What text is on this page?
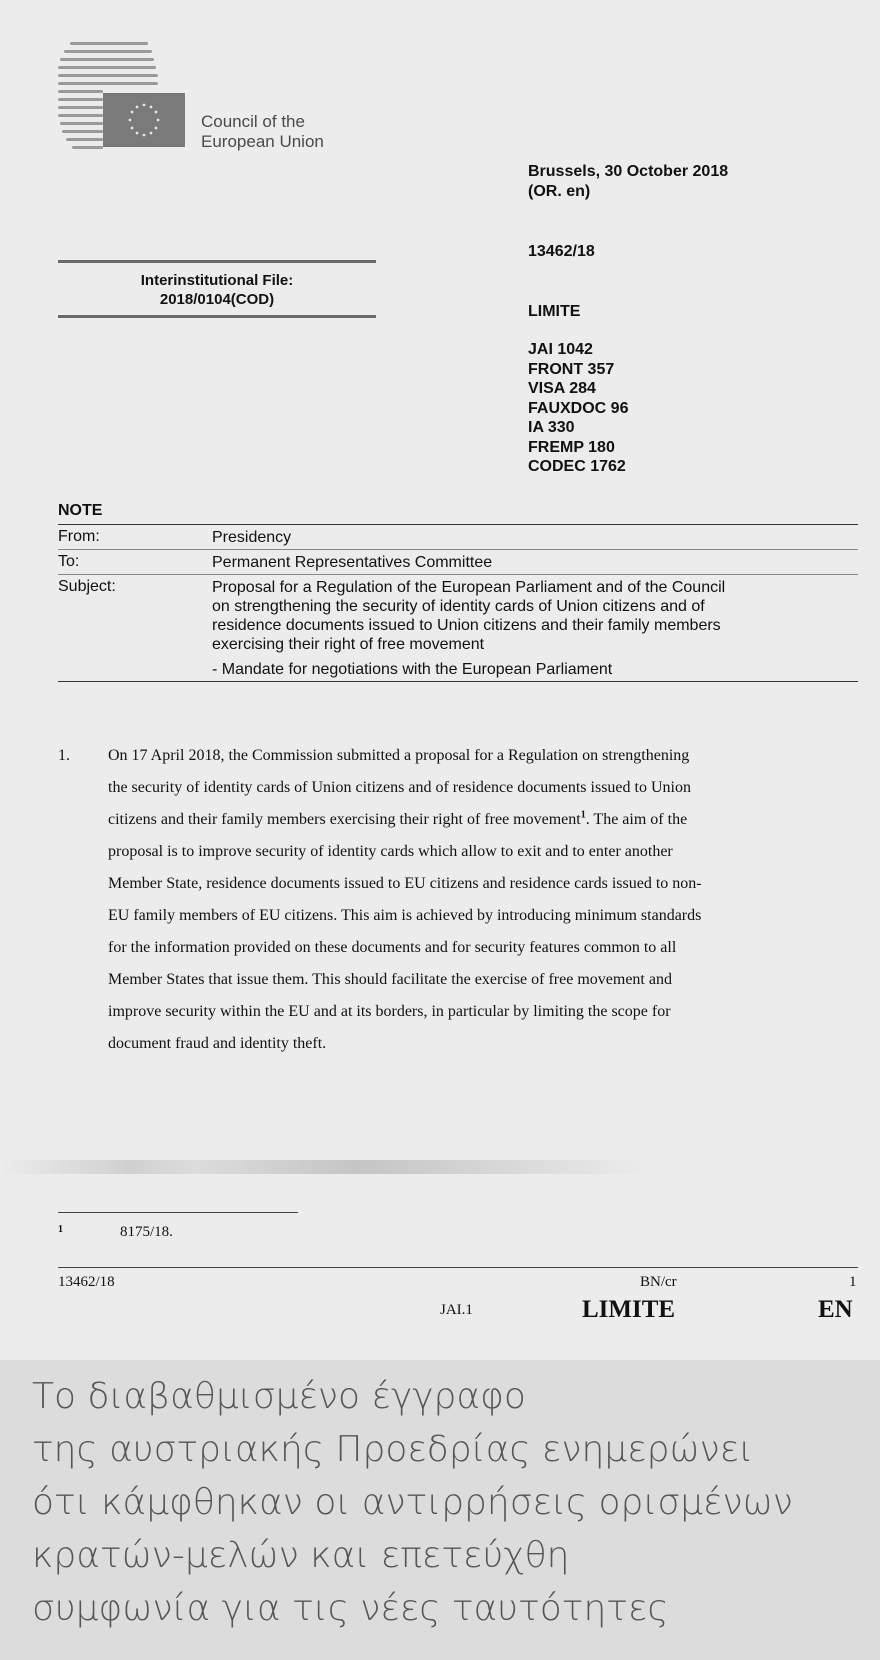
Council of the
European Union
Brussels, 30 October 2018
(OR. en)
13462/18
LIMITE
Interinstitutional File:
2018/0104(COD)
JAI 1042
FRONT 357
VISA 284
FAUXDOC 96
IA 330
FREMP 180
CODEC 1762
NOTE
From:	Presidency
To:	Permanent Representatives Committee
Subject:	Proposal for a Regulation of the European Parliament and of the Council
on strengthening the security of identity cards of Union citizens and of
residence documents issued to Union citizens and their family members
exercising their right of free movement
- Mandate for negotiations with the European Parliament
1.	On 17 April 2018, the Commission submitted a proposal for a Regulation on strengthening
the security of identity cards of Union citizens and of residence documents issued to Union
citizens and their family members exercising their right of free movement$^1$. The aim of the
proposal is to improve security of identity cards which allow to exit and to enter another
Member State, residence documents issued to EU citizens and residence cards issued to non-
EU family members of EU citizens. This aim is achieved by introducing minimum standards
for the information provided on these documents and for security features common to all
Member States that issue them. This should facilitate the exercise of free movement and
improve security within the EU and at its borders, in particular by limiting the scope for
document fraud and identity theft.
1	8175/18.
13462/18	BN/cr	1
JAI.1	LIMITE	EN
Το διαβαθμισμένο έγγραφο
της αυστριακής Προεδρίας ενημερώνει
ότι κάμφθηκαν οι αντιρρήσεις ορισμένων
κρατών-μελών και επετεύχθη
συμφωνία για τις νέες ταυτότητες
